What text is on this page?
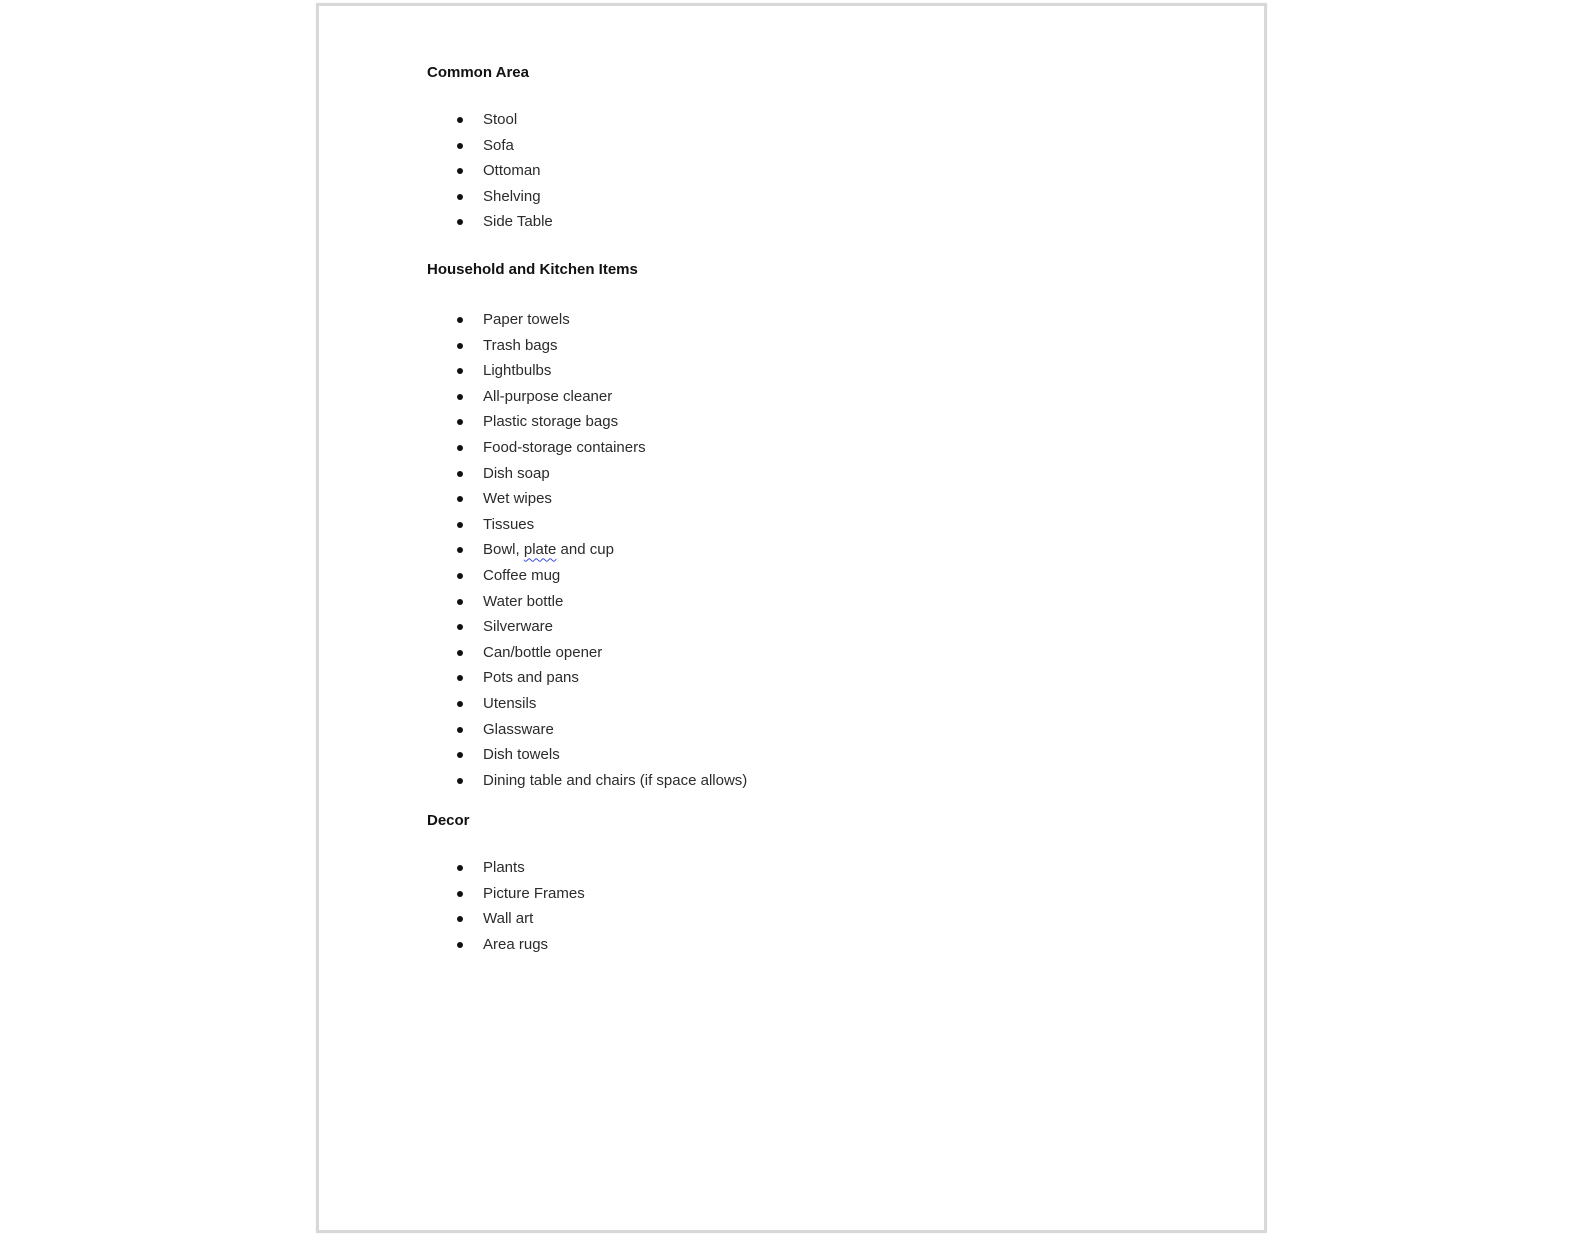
Common Area
Stool
Sofa
Ottoman
Shelving
Side Table
Household and Kitchen Items
Paper towels
Trash bags
Lightbulbs
All-purpose cleaner
Plastic storage bags
Food-storage containers
Dish soap
Wet wipes
Tissues
Bowl, plate and cup
Coffee mug
Water bottle
Silverware
Can/bottle opener
Pots and pans
Utensils
Glassware
Dish towels
Dining table and chairs (if space allows)
Decor
Plants
Picture Frames
Wall art
Area rugs
